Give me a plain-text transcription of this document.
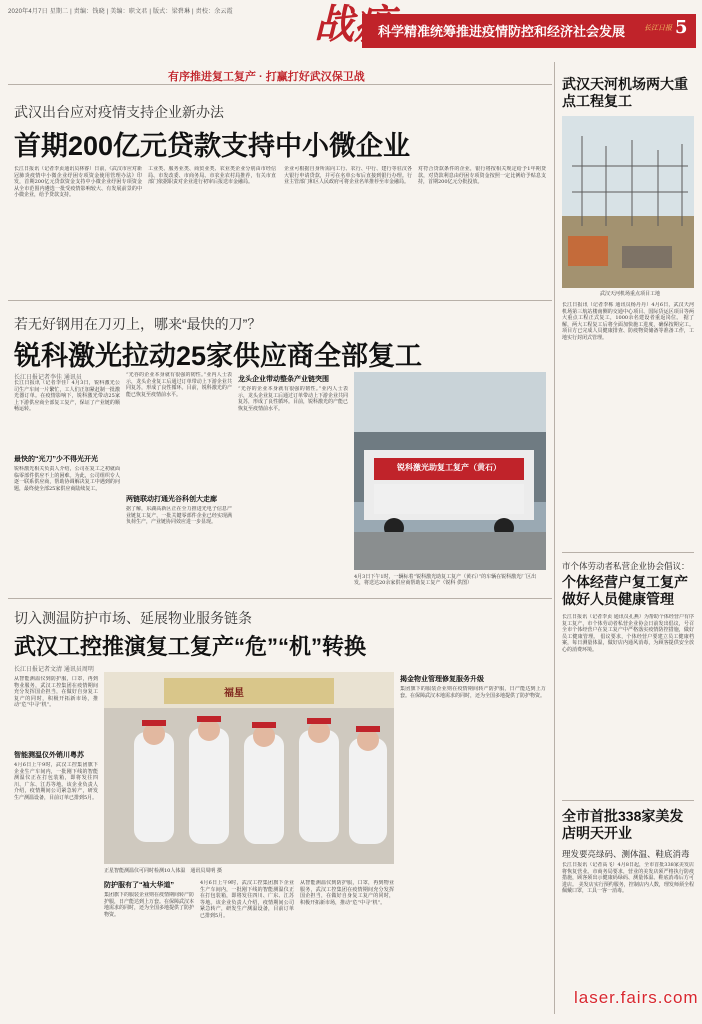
2020年4月7日 星期二 | 责编：钱晓 | 美编：职文君 | 版式：梁碧琳 | 责校：余云霞 战疫
科学精准统筹推进疫情防控和经济社会发展	长江日报 5
有序推进复工复产 · 打赢打好武汉保卫战
武汉出台应对疫情支持企业新办法
首期200亿元贷款支持中小微企业
长江日报讯（记者李贞通讯员林睿）日前，《武汉市应对新冠肺炎疫情中小微企业纾困专项资金使用管理办法》印发，首期200亿元贷款资金支持中小微企业纾困专项资金从全市范围内遴选一批受疫情影响较大、有发展前景的中小微企业，给予贷款支持。
工业类、服务业类、商贸业类、农业类企业分别由市经信局、市发改委、市商务局、市农业农村局推荐，有关市直部门依据职责对企业进行初审后报送市金融局。
企业可根据自身所需向工行、农行、中行、建行等驻汉各大银行申请贷款，并可在名单公布后直接到银行办理。行业主管部门和区人民政府可将企业名单推荐至市金融局。
对符合贷款条件的企业，银行将按相关规定给予1年期贷款，对贷款利息由纾困专项资金按照一定比例给予贴息支持，首期200亿元分批投放。
若无好钢用在刀刃上，哪来“最快的刀”？
锐科激光拉动25家供应商全部复工
长江日报记者李佳 通讯员
长江日报讯（记者李佳）4月3日，锐科激光公司生产车间一片繁忙，工人们正加紧赶制一批激光器订单。在疫情影响下，锐科激光带动25家上下游供应商全部复工复产，保证了产业链的顺畅运转。
最快的“光刀”少不得光开光
锐科激光相关负责人介绍，公司在复工之初就面临零部件供应不上的困难。为此，公司组织专人逐一联系供应商，帮助协调解决复工中遇到的问题，最终使全部25家供应商陆续复工。
“光谷的企业本身就有很强的韧性。”业内人士表示，龙头企业复工后通过订单带动上下游企业共同复苏，形成了良性循环。目前，锐科激光的产能已恢复至疫情前水平。
两链联动打通光谷科创大走廊
据了解，东湖高新区正在全力推进光电子信息产业链复工复产，一批关键零部件企业已经实现满负荷生产，产业链协同效应进一步显现。
龙头企业带动整条产业链突围
“光谷的企业本身就有很强的韧性。”业内人士表示，龙头企业复工后通过订单带动上下游企业共同复苏，形成了良性循环。目前，锐科激光的产能已恢复至疫情前水平。
锐科激光助复工复产（黄石）
4月3日下午1时，一辆标着“锐科激光助复工复产（黄石）”的车辆在锐科激光厂区出发，将送达20余家供应商帮助复工复产（锐科 供图）
切入测温防护市场、延展物业服务链条
武汉工控推演复工复产“危”“机”转换
长江日报记者文清 通讯员周明
从智能测温仪到防护服，口罩，再到物业服务，武汉工控集团在疫情期间充分发挥国企担当，在做好自身复工复产的同时，积极开拓新市场，推动“危”中寻“机”。
智能测温仪外销川粤苏
4月6日上午9时，武汉工控集团旗下企业生产车间内，一批刚下线的智能测温仪正在打包装箱，即将发往四川、广东、江苏等地。该企业负责人介绍，疫情期间公司紧急转产，研发生产测温设备，目前订单已排到5月。
福星
正星智能测温仪可同时检测10人体温　通讯员周明 摄
防护服有了“袖大华道”
集团旗下的服装企业则在疫情期间转产防护服，日产能达到上万套。在保障武汉本地需求的同时，还为全国多地提供了防护物资。
4月6日上午9时，武汉工控集团旗下企业生产车间内，一批刚下线的智能测温仪正在打包装箱，即将发往四川、广东、江苏等地。该企业负责人介绍，疫情期间公司紧急转产，研发生产测温设备，目前订单已排到5月。
从智能测温仪到防护服，口罩，再到物业服务，武汉工控集团在疫情期间充分发挥国企担当，在做好自身复工复产的同时，积极开拓新市场，推动“危”中寻“机”。
揭金物业管理修复服务升级
集团旗下的服装企业则在疫情期间转产防护服，日产能达到上万套。在保障武汉本地需求的同时，还为全国多地提供了防护物资。
武汉天河机场两大重点工程复工
武汉天河机场重点项目工地
长江日报讯（记者李栋 通讯员杨丹丹）4月6日，武汉天河机场第三航站楼南侧的交通中心项目、国际货运区项目等两大重点工程正式复工，1000余名建设者重返岗位。 据了解，两大工程复工后将全面加快施工进度，确保按期完工。项目方已完成人员健康排查、防疫物资储备等准备工作，工地实行封闭式管理。
市个体劳动者私营企业协会倡议：
个体经营户复工复产做好人员健康管理
长江日报讯（记者李贞 通讯员孔燕）为帮助个体经营户有序复工复产，市个体劳动者私营企业协会日前发出倡议，号召全市个体经营户在复工复产中严格落实疫情防控措施，做好员工健康管理。 倡议要求，个体经营户要建立员工健康档案，每日测量体温，做好店内通风消毒，为顾客提供安全放心的消费环境。
全市首批338家美发店明天开业
理发要亮绿码、测体温、鞋底消毒
长江日报讯（记者高飞）4月8日起，全市首批338家美发店将恢复营业。市商务局要求，营业的美发店须严格执行防疫措施，顾客须出示健康码绿码、测量体温、鞋底消毒后方可进店。 美发店实行预约服务，控制店内人数，理发师须全程佩戴口罩，工具一客一消毒。
laser.fairs.com
